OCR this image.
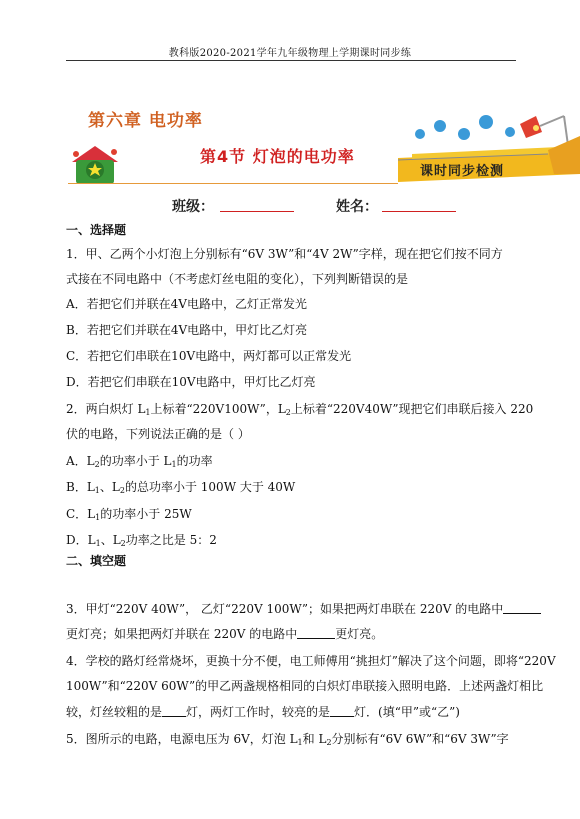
教科版2020-2021学年九年级物理上学期课时同步练
第六章 电功率
第4节 灯泡的电功率
课时同步检测
班级：	姓名：
一、选择题
1．甲、乙两个小灯泡上分别标有“6V 3W”和“4V 2W”字样，现在把它们按不同方
式接在不同电路中（不考虑灯丝电阻的变化），下列判断错误的是
A．若把它们并联在4V电路中，乙灯正常发光
B．若把它们并联在4V电路中，甲灯比乙灯亮
C．若把它们串联在10V电路中，两灯都可以正常发光
D．若把它们串联在10V电路中，甲灯比乙灯亮
2．两白炽灯 $L_1$上标着“220V100W”，$L_2$上标着“220V40W”现把它们串联后接入 220
伏的电路，下列说法正确的是（ ）
A．$L_2$的功率小于 $L_1$的功率
B．$L_1$、$L_2$的总功率小于 100W 大于 40W
C．$L_1$的功率小于 25W
D．$L_1$、$L_2$功率之比是 5：2
二、填空题
3．甲灯“220V 40W”， 乙灯“220V 100W”；如果把两灯串联在 220V 的电路中
更灯亮；如果把两灯并联在 220V 的电路中	更灯亮。
4．学校的路灯经常烧坏，更换十分不便，电工师傅用“挑担灯”解决了这个问题，即将“220V
100W”和“220V 60W”的甲乙两盏规格相同的白炽灯串联接入照明电路．上述两盏灯相比
较，灯丝较粗的是 灯，两灯工作时，较亮的是 灯．(填“甲”或“乙”)
5．图所示的电路，电源电压为 6V，灯泡 $L_1$和 $L_2$分别标有“6V 6W”和“6V 3W”字
